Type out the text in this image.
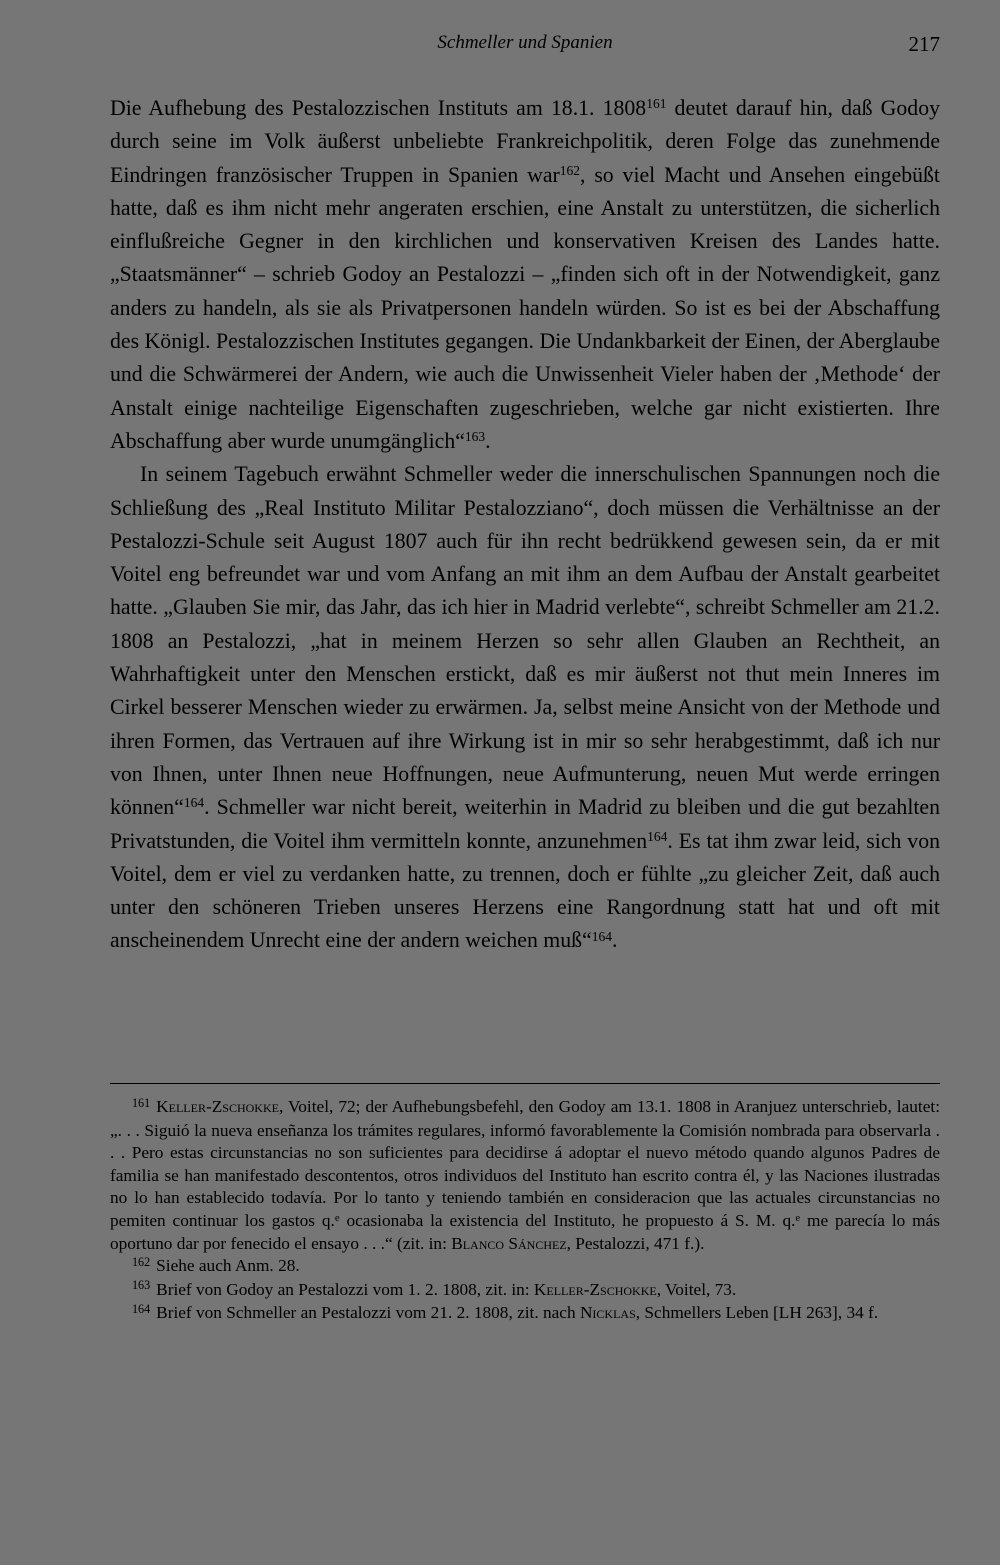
Schmeller und Spanien	217

Die Aufhebung des Pestalozzischen Instituts am 18.1. 1808$^{161}$ deutet darauf hin, daß Godoy durch seine im Volk äußerst unbeliebte Frankreichpolitik, deren Folge das zunehmende Eindringen französischer Truppen in Spanien war$^{162}$, so viel Macht und Ansehen eingebüßt hatte, daß es ihm nicht mehr angeraten erschien, eine Anstalt zu unterstützen, die sicherlich einflußreiche Gegner in den kirchlichen und konservativen Kreisen des Landes hatte. „Staatsmänner“ – schrieb Godoy an Pestalozzi – „finden sich oft in der Notwendigkeit, ganz anders zu handeln, als sie als Privatpersonen handeln würden. So ist es bei der Abschaffung des Königl. Pestalozzischen Institutes gegangen. Die Undankbarkeit der Einen, der Aberglaube und die Schwärmerei der Andern, wie auch die Unwissenheit Vieler haben der ‚Methode‘ der Anstalt einige nachteilige Eigenschaften zugeschrieben, welche gar nicht existierten. Ihre Abschaffung aber wurde unumgänglich“$^{163}$.

In seinem Tagebuch erwähnt Schmeller weder die innerschulischen Spannungen noch die Schließung des „Real Instituto Militar Pestalozziano“, doch müssen die Verhältnisse an der Pestalozzi-Schule seit August 1807 auch für ihn recht bedrükkend gewesen sein, da er mit Voitel eng befreundet war und vom Anfang an mit ihm an dem Aufbau der Anstalt gearbeitet hatte. „Glauben Sie mir, das Jahr, das ich hier in Madrid verlebte“, schreibt Schmeller am 21.2. 1808 an Pestalozzi, „hat in meinem Herzen so sehr allen Glauben an Rechtheit, an Wahrhaftigkeit unter den Menschen erstickt, daß es mir äußerst not thut mein Inneres im Cirkel besserer Menschen wieder zu erwärmen. Ja, selbst meine Ansicht von der Methode und ihren Formen, das Vertrauen auf ihre Wirkung ist in mir so sehr herabgestimmt, daß ich nur von Ihnen, unter Ihnen neue Hoffnungen, neue Aufmunterung, neuen Mut werde erringen können“$^{164}$. Schmeller war nicht bereit, weiterhin in Madrid zu bleiben und die gut bezahlten Privatstunden, die Voitel ihm vermitteln konnte, anzunehmen$^{164}$. Es tat ihm zwar leid, sich von Voitel, dem er viel zu verdanken hatte, zu trennen, doch er fühlte „zu gleicher Zeit, daß auch unter den schöneren Trieben unseres Herzens eine Rangordnung statt hat und oft mit anscheinendem Unrecht eine der andern weichen muß“$^{164}$.

$^{161}$ Keller-Zschokke, Voitel, 72; der Aufhebungsbefehl, den Godoy am 13.1. 1808 in Aranjuez unterschrieb, lautet: „. . . Siguió la nueva enseñanza los trámites regulares, informó favorablemente la Comisión nombrada para observarla . . . Pero estas circunstancias no son suficientes para decidirse á adoptar el nuevo método quando algunos Padres de familia se han manifestado descontentos, otros individuos del Instituto han escrito contra él, y las Naciones ilustradas no lo han establecido todavía. Por lo tanto y teniendo también en consideracion que las actuales circunstancias no pemiten continuar los gastos q.$^e$ ocasionaba la existencia del Instituto, he propuesto á S. M. q.$^e$ me parecía lo más oportuno dar por fenecido el ensayo . . .“ (zit. in: Blanco Sánchez, Pestalozzi, 471 f.).

$^{162}$ Siehe auch Anm. 28.

$^{163}$ Brief von Godoy an Pestalozzi vom 1. 2. 1808, zit. in: Keller-Zschokke, Voitel, 73.

$^{164}$ Brief von Schmeller an Pestalozzi vom 21. 2. 1808, zit. nach Nicklas, Schmellers Leben [LH 263], 34 f.
